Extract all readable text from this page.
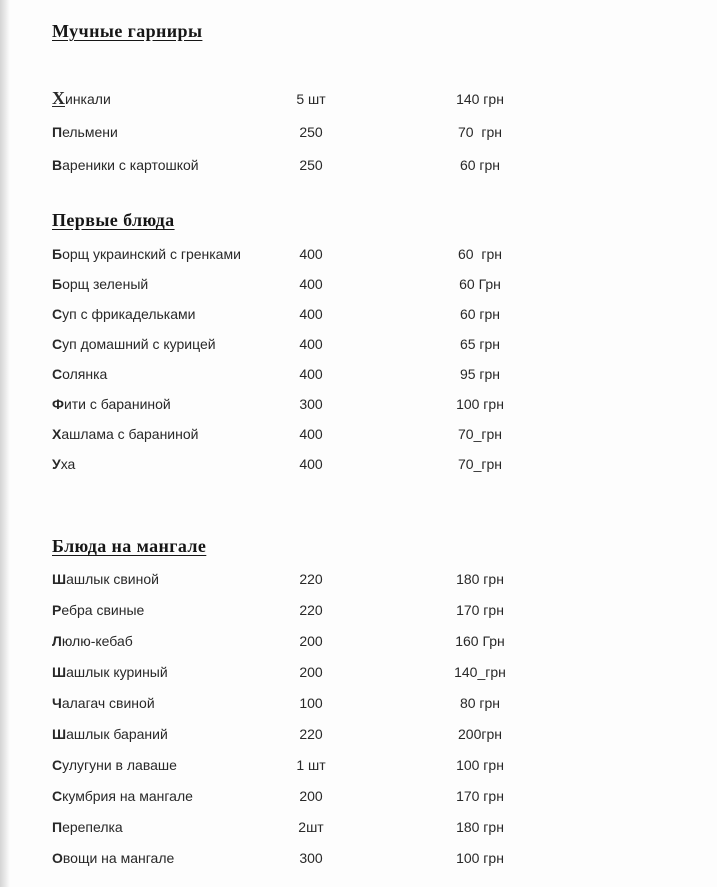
Мучные гарниры
Хинкали	5 шт	140 грн
Пельмени	250	70  грн
Вареники с картошкой	250	60 грн
Первые блюда
Борщ украинский с гренками	400	60  грн
Борщ зеленый	400	60 Грн
Суп с фрикадельками	400	60 грн
Суп домашний с курицей	400	65 грн
Солянка	400	95 грн
Фити с бараниной	300	100 грн
Хашлама с бараниной	400	70_грн
Уха	400	70_грн
Блюда на мангале
Шашлык свиной	220	180 грн
Ребра свиные	220	170 грн
Люлю-кебаб	200	160 Грн
Шашлык куриный	200	140_грн
Чалагач свиной	100	80 грн
Шашлык бараний	220	200грн
Сулугуни в лаваше	1 шт	100 грн
Скумбрия на мангале	200	170 грн
Перепелка	2шт	180 грн
Овощи на мангале	300	100 грн
